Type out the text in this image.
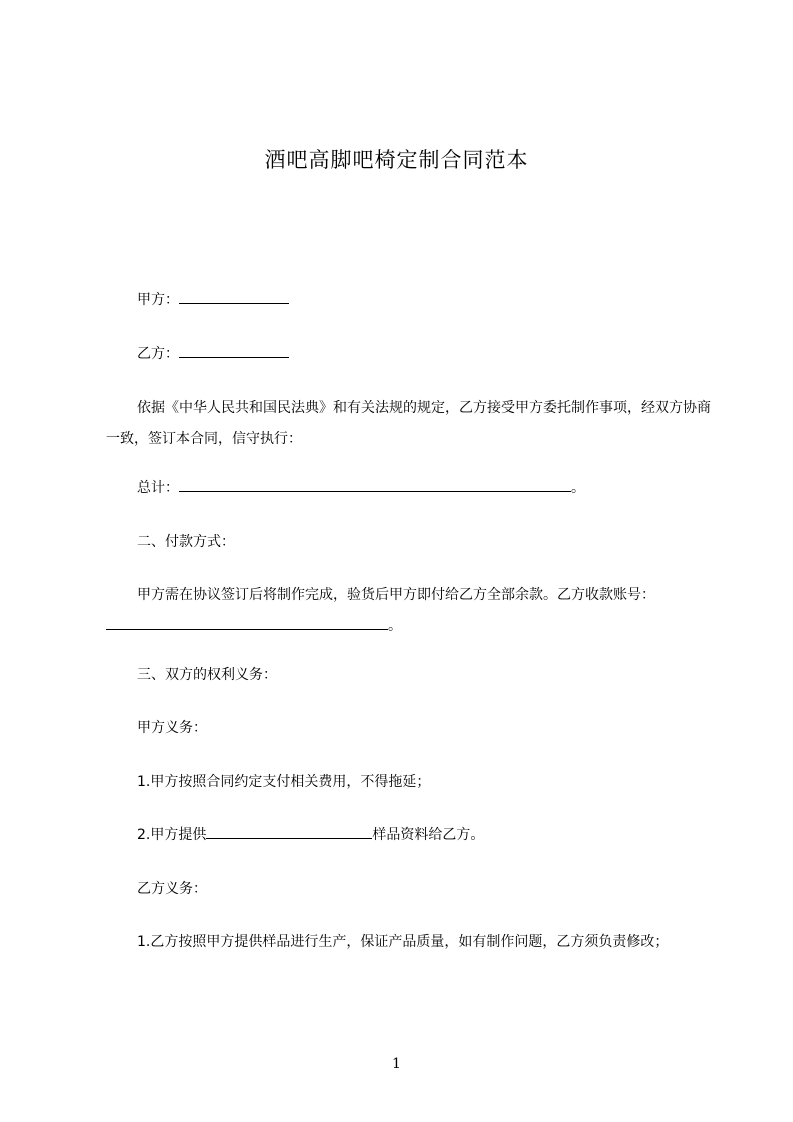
酒吧高脚吧椅定制合同范本

甲方：

乙方：

依据《中华人民共和国民法典》和有关法规的规定，乙方接受甲方委托制作事项，经双方协商一致，签订本合同，信守执行：

总计：	。

二、付款方式：

甲方需在协议签订后将制作完成，验货后甲方即付给乙方全部余款。乙方收款账号：。

三、双方的权利义务：

甲方义务：

1.甲方按照合同约定支付相关费用，不得拖延；

2.甲方提供	样品资料给乙方。

乙方义务：

1.乙方按照甲方提供样品进行生产，保证产品质量，如有制作问题，乙方须负责修改；

1
